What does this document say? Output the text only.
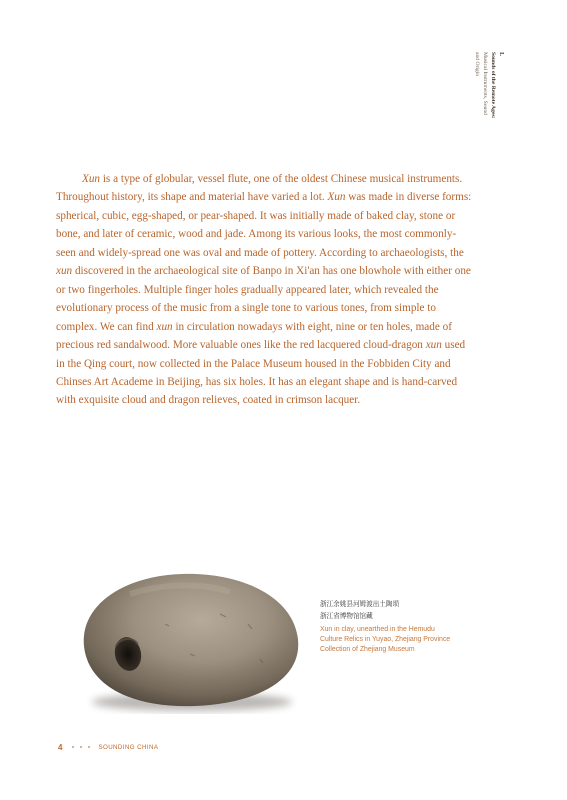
I.
Sounds of the Remote Ages:
Musical Instruments, Sound
and Origin

Xun is a type of globular, vessel flute, one of the oldest Chinese musical instruments. Throughout history, its shape and material have varied a lot. Xun was made in diverse forms: spherical, cubic, egg-shaped, or pear-shaped. It was initially made of baked clay, stone or bone, and later of ceramic, wood and jade. Among its various looks, the most commonly-seen and widely-spread one was oval and made of pottery. According to archaeologists, the xun discovered in the archaeological site of Banpo in Xi'an has one blowhole with either one or two fingerholes. Multiple finger holes gradually appeared later, which revealed the evolutionary process of the music from a single tone to various tones, from simple to complex. We can find xun in circulation nowadays with eight, nine or ten holes, made of precious red sandalwood. More valuable ones like the red lacquered cloud-dragon xun used in the Qing court, now collected in the Palace Museum housed in the Fobbiden City and Chinses Art Academe in Beijing, has six holes. It has an elegant shape and is hand-carved with exquisite cloud and dragon relieves, coated in crimson lacquer.

浙江余姚县河姆渡出土陶埙
浙江省博物馆馆藏

Xun in clay, unearthed in the Hemudu
Culture Relics in Yuyao, Zhejiang Province
Collection of Zhejiang Museum

4	SOUNDING CHINA
